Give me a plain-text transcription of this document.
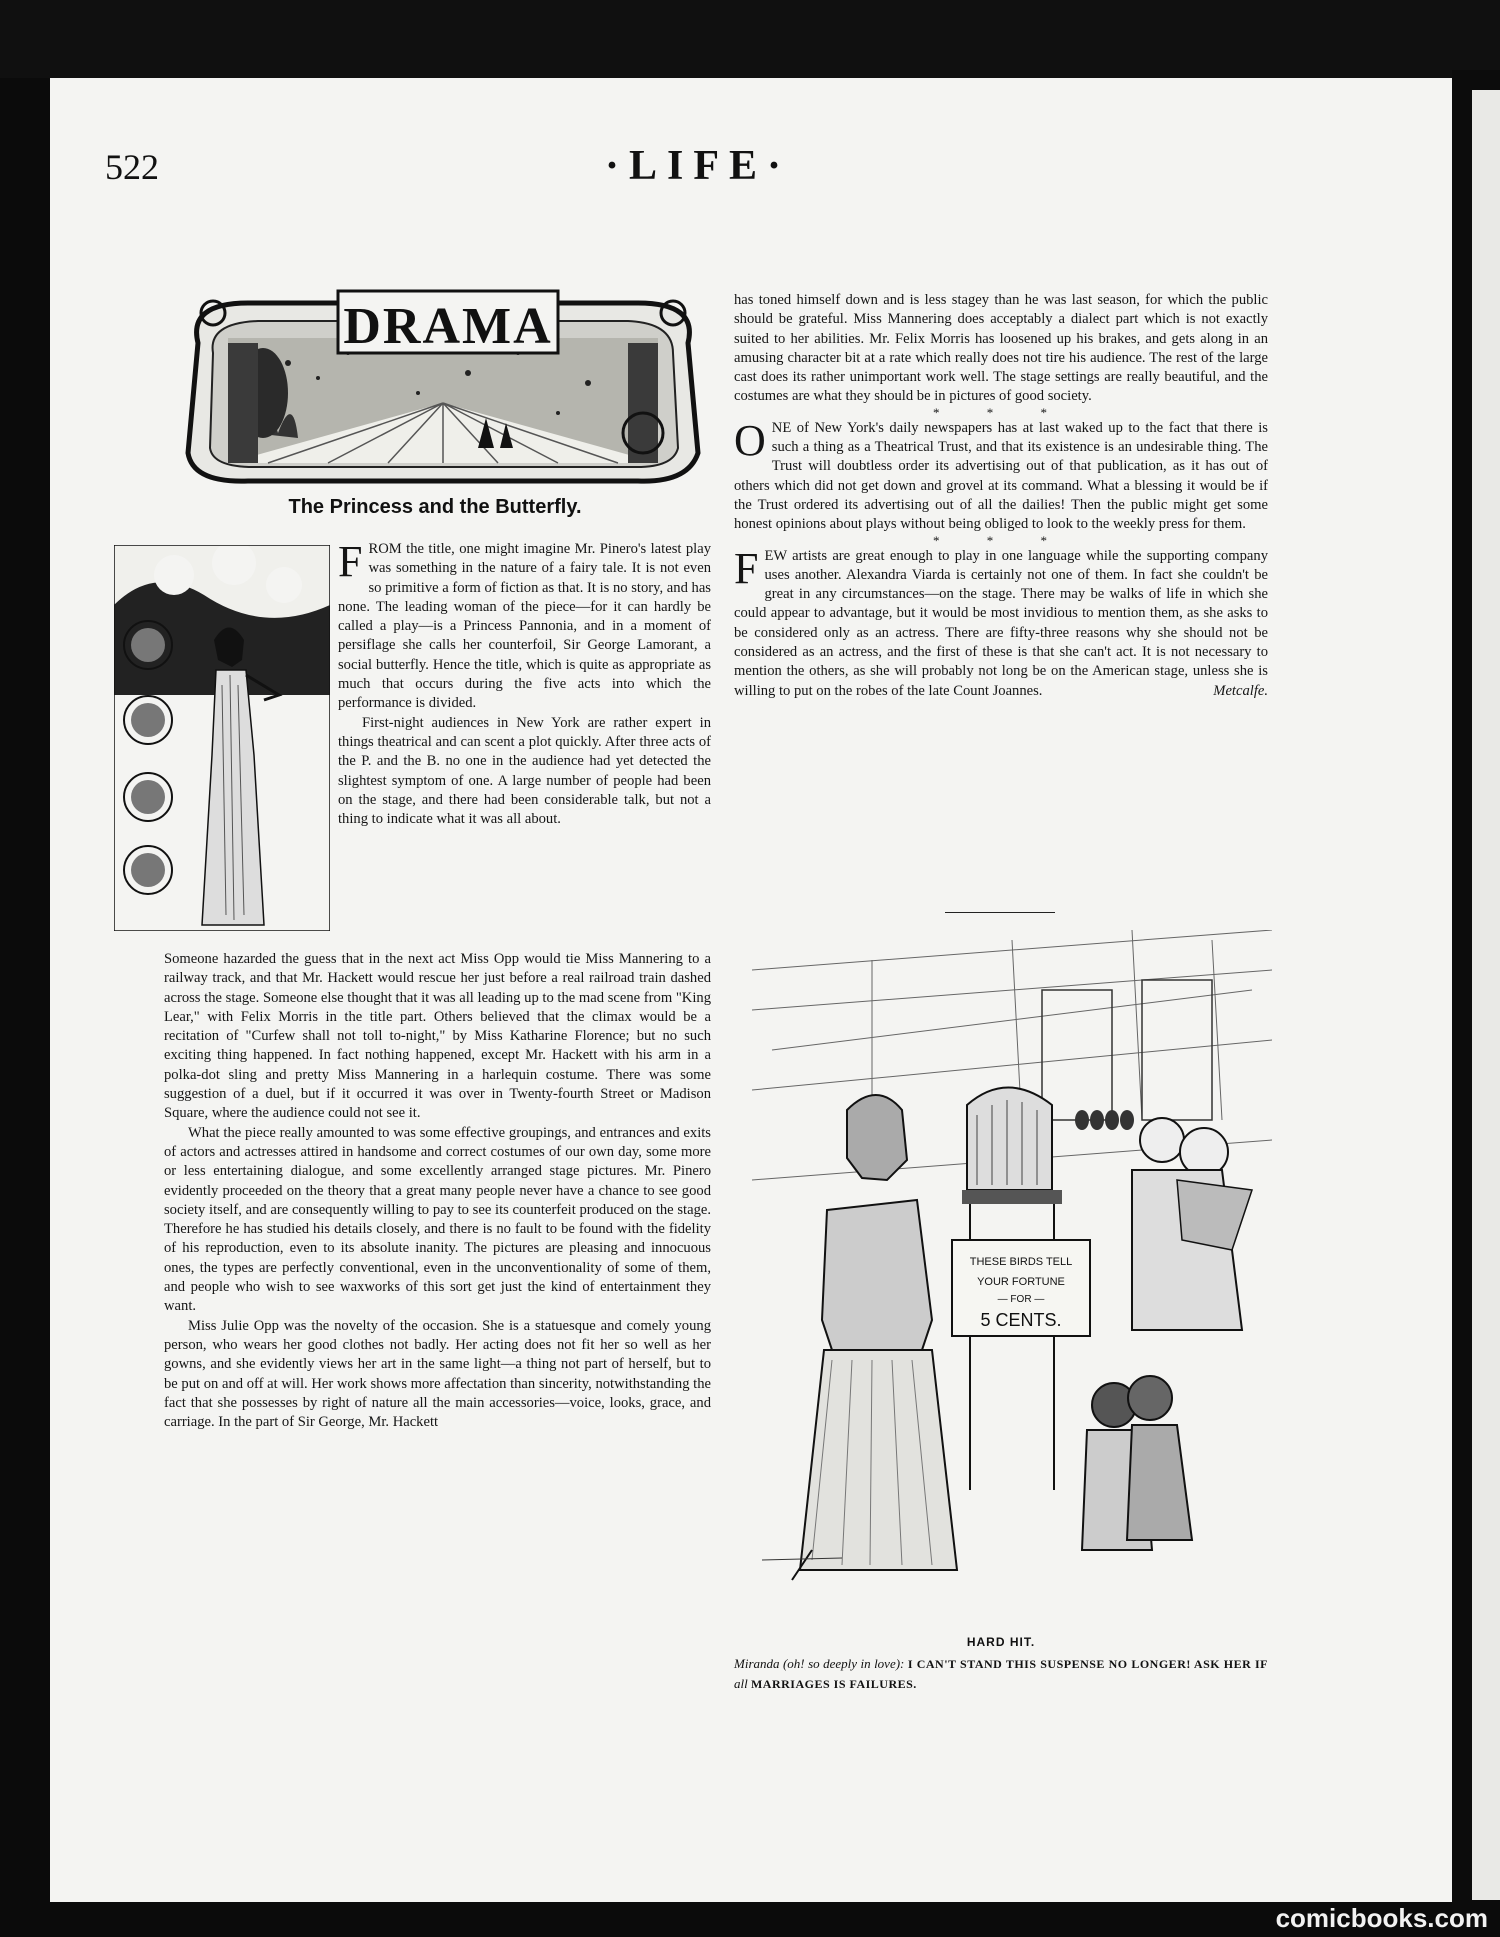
522	·LIFE·
DRAMA
The Princess and the Butterfly.

FROM the title, one might imagine Mr. Pinero's latest play was something in the nature of a fairy tale. It is not even so primitive a form of fiction as that. It is no story, and has none. The leading woman of the piece—for it can hardly be called a play—is a Princess Pannonia, and in a moment of persiflage she calls her counterfoil, Sir George Lamorant, a social butterfly. Hence the title, which is quite as appropriate as much that occurs during the five acts into which the performance is divided.

First-night audiences in New York are rather expert in things theatrical and can scent a plot quickly. After three acts of the P. and the B. no one in the audience had yet detected the slightest symptom of one. A large number of people had been on the stage, and there had been considerable talk, but not a thing to indicate what it was all about.

Someone hazarded the guess that in the next act Miss Opp would tie Miss Mannering to a railway track, and that Mr. Hackett would rescue her just before a real railroad train dashed across the stage. Someone else thought that it was all leading up to the mad scene from "King Lear," with Felix Morris in the title part. Others believed that the climax would be a recitation of "Curfew shall not toll to-night," by Miss Katharine Florence; but no such exciting thing happened. In fact nothing happened, except Mr. Hackett with his arm in a polka-dot sling and pretty Miss Mannering in a harlequin costume. There was some suggestion of a duel, but if it occurred it was over in Twenty-fourth Street or Madison Square, where the audience could not see it.

What the piece really amounted to was some effective groupings, and entrances and exits of actors and actresses attired in handsome and correct costumes of our own day, some more or less entertaining dialogue, and some excellently arranged stage pictures. Mr. Pinero evidently proceeded on the theory that a great many people never have a chance to see good society itself, and are consequently willing to pay to see its counterfeit produced on the stage. Therefore he has studied his details closely, and there is no fault to be found with the fidelity of his reproduction, even to its absolute inanity. The pictures are pleasing and innocuous ones, the types are perfectly conventional, even in the unconventionality of some of them, and people who wish to see waxworks of this sort get just the kind of entertainment they want.

Miss Julie Opp was the novelty of the occasion. She is a statuesque and comely young person, who wears her good clothes not badly. Her acting does not fit her so well as her gowns, and she evidently views her art in the same light—a thing not part of herself, but to be put on and off at will. Her work shows more affectation than sincerity, notwithstanding the fact that she possesses by right of nature all the main accessories—voice, looks, grace, and carriage. In the part of Sir George, Mr. Hackett

has toned himself down and is less stagey than he was last season, for which the public should be grateful. Miss Mannering does acceptably a dialect part which is not exactly suited to her abilities. Mr. Felix Morris has loosened up his brakes, and gets along in an amusing character bit at a rate which really does not tire his audience. The rest of the large cast does its rather unimportant work well. The stage settings are really beautiful, and the costumes are what they should be in pictures of good society.

* * *

ONE of New York's daily newspapers has at last waked up to the fact that there is such a thing as a Theatrical Trust, and that its existence is an undesirable thing. The Trust will doubtless order its advertising out of that publication, as it has out of others which did not get down and grovel at its command. What a blessing it would be if the Trust ordered its advertising out of all the dailies! Then the public might get some honest opinions about plays without being obliged to look to the weekly press for them.

* * *

FEW artists are great enough to play in one language while the supporting company uses another. Alexandra Viarda is certainly not one of them. In fact she couldn't be great in any circumstances—on the stage. There may be walks of life in which she could appear to advantage, but it would be most invidious to mention them, as she asks to be considered only as an actress. There are fifty-three reasons why she should not be considered as an actress, and the first of these is that she can't act. It is not necessary to mention the others, as she will probably not long be on the American stage, unless she is willing to put on the robes of the late Count Joannes.	Metcalfe.

THESE BIRDS TELL
YOUR FORTUNE
— FOR —
5 CENTS.
HARD HIT.
Miranda (oh! so deeply in love): I CAN'T STAND THIS SUSPENSE NO LONGER! ASK HER IF all MARRIAGES IS FAILURES.
comicbooks.com
